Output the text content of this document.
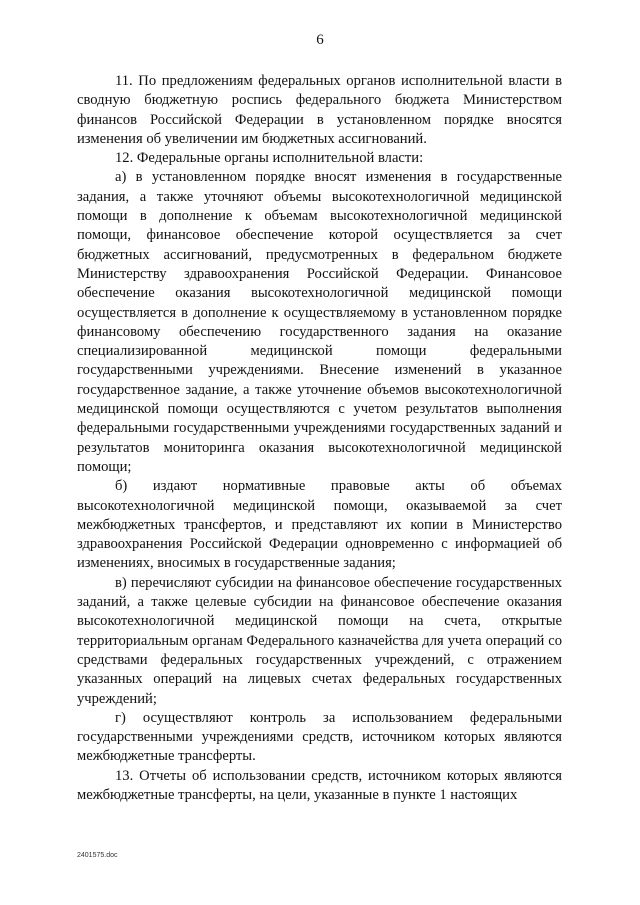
6

11. По предложениям федеральных органов исполнительной власти в сводную бюджетную роспись федерального бюджета Министерством финансов Российской Федерации в установленном порядке вносятся изменения об увеличении им бюджетных ассигнований.

12. Федеральные органы исполнительной власти:

а) в установленном порядке вносят изменения в государственные задания, а также уточняют объемы высокотехнологичной медицинской помощи в дополнение к объемам высокотехнологичной медицинской помощи, финансовое обеспечение которой осуществляется за счет бюджетных ассигнований, предусмотренных в федеральном бюджете Министерству здравоохранения Российской Федерации. Финансовое обеспечение оказания высокотехнологичной медицинской помощи осуществляется в дополнение к осуществляемому в установленном порядке финансовому обеспечению государственного задания на оказание специализированной медицинской помощи федеральными государственными учреждениями. Внесение изменений в указанное государственное задание, а также уточнение объемов высокотехнологичной медицинской помощи осуществляются с учетом результатов выполнения федеральными государственными учреждениями государственных заданий и результатов мониторинга оказания высокотехнологичной медицинской помощи;

б) издают нормативные правовые акты об объемах высокотехнологичной медицинской помощи, оказываемой за счет межбюджетных трансфертов, и представляют их копии в Министерство здравоохранения Российской Федерации одновременно с информацией об изменениях, вносимых в государственные задания;

в) перечисляют субсидии на финансовое обеспечение государственных заданий, а также целевые субсидии на финансовое обеспечение оказания высокотехнологичной медицинской помощи на счета, открытые территориальным органам Федерального казначейства для учета операций со средствами федеральных государственных учреждений, с отражением указанных операций на лицевых счетах федеральных государственных учреждений;

г) осуществляют контроль за использованием федеральными государственными учреждениями средств, источником которых являются межбюджетные трансферты.

13. Отчеты об использовании средств, источником которых являются межбюджетные трансферты, на цели, указанные в пункте 1 настоящих

2401575.doc
